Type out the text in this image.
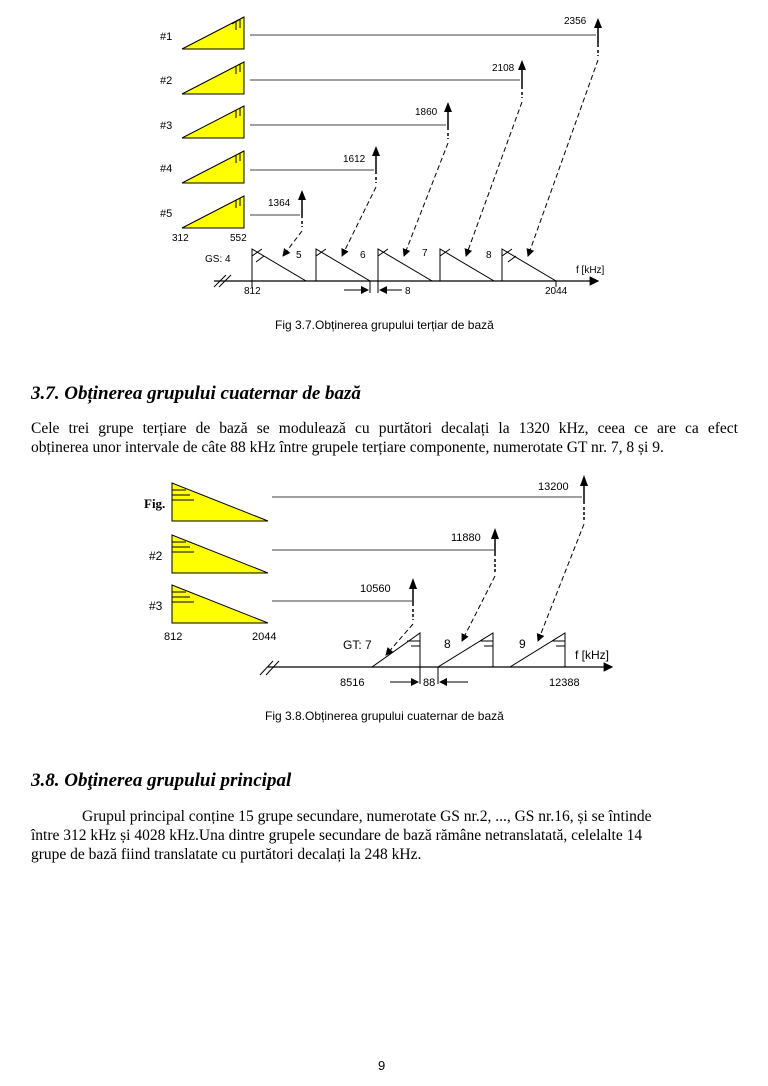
#1
#2
#3
#4
#5
312	552
2356
2108
1860
1612
1364
GS: 4	5	6	7	8
f [kHz]
812	8	2044
Fig 3.7.Obținerea grupului terțiar de bază
3.7. Obținerea grupului cuaternar de bază
Cele trei grupe terțiare de bază se modulează cu purtători decalați la 1320 kHz, ceea ce are ca efect
obținerea unor intervale de câte 88 kHz între grupele terțiare componente, numerotate GT nr. 7, 8 și 9.
Fig.
#2
#3
812	2044
13200
11880
10560
GT: 7	8	9
f [kHz]
8516	88	12388
Fig 3.8.Obținerea grupului cuaternar de bază
3.8. Obţinerea grupului principal
Grupul principal conține 15 grupe secundare, numerotate GS nr.2, ..., GS nr.16, și se întinde
între 312 kHz și 4028 kHz.Una dintre grupele secundare de bază rămâne netranslatată, celelalte 14
grupe de bază fiind translatate cu purtători decalați la 248 kHz.
9
